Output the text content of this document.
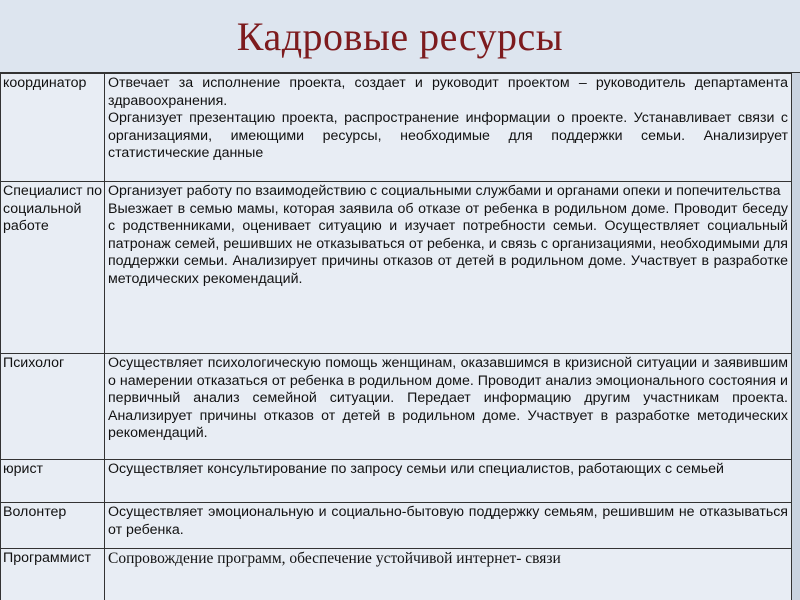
Кадровые ресурсы
координатор	Отвечает за исполнение проекта, создает и руководит проектом – руководитель департамента здравоохранения.
Организует презентацию проекта, распространение информации о проекте. Устанавливает связи с организациями, имеющими ресурсы, необходимые для поддержки семьи. Анализирует статистические данные

Специалист по социальной работе	Организует работу по взаимодействию с социальными службами и органами опеки и попечительства
Выезжает в семью мамы, которая заявила об отказе от ребенка в родильном доме. Проводит беседу с родственниками, оценивает ситуацию и изучает потребности семьи. Осуществляет социальный патронаж семей, решивших не отказываться от ребенка, и связь с организациями, необходимыми для поддержки семьи. Анализирует причины отказов от детей в родильном доме. Участвует в разработке методических рекомендаций.

Психолог	Осуществляет психологическую помощь женщинам, оказавшимся в кризисной ситуации и заявившим о намерении отказаться от ребенка в родильном доме. Проводит анализ эмоционального состояния и первичный анализ семейной ситуации. Передает информацию другим участникам проекта. Анализирует причины отказов от детей в родильном доме. Участвует в разработке методических рекомендаций.

юрист	Осуществляет консультирование по запросу семьи или специалистов, работающих с семьей

Волонтер	Осуществляет эмоциональную и социально-бытовую поддержку семьям, решившим не отказываться от ребенка.

Программист	Сопровождение программ, обеспечение устойчивой интернет- связи
